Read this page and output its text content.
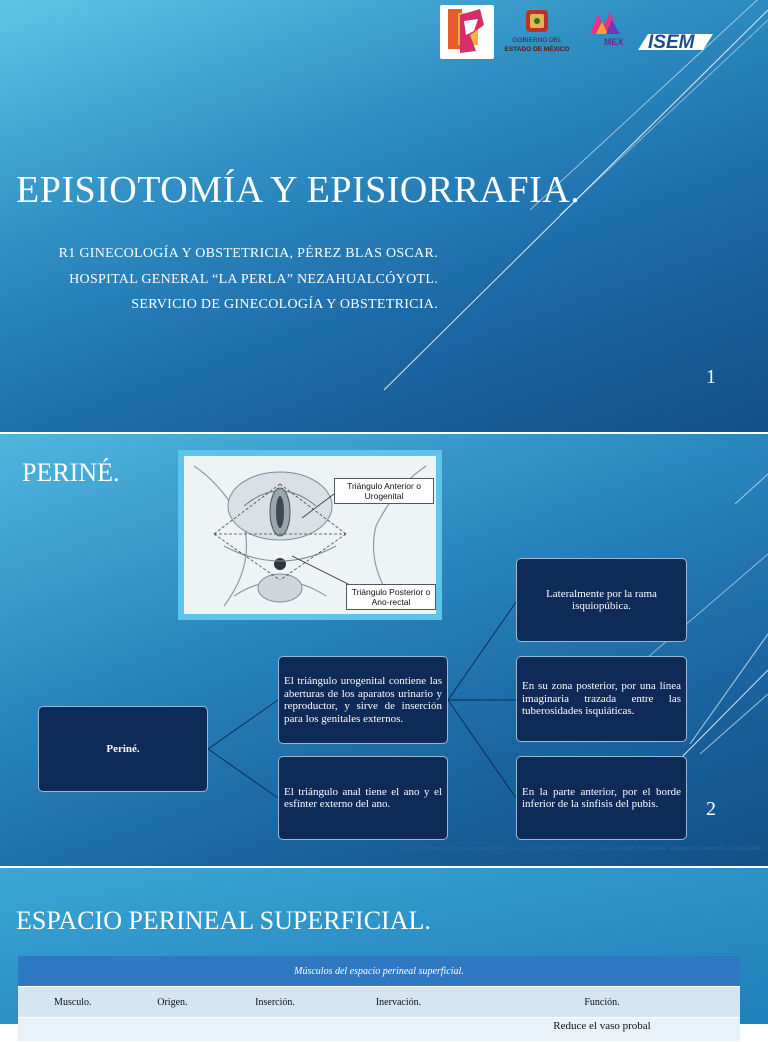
GOBIERNO DEL
ESTADO DE MÉXICO
MEX ISEM
EPISIOTOMÍA Y EPISIORRAFIA.
R1 GINECOLOGÍA Y OBSTETRICIA, PÉREZ BLAS OSCAR.
HOSPITAL GENERAL “LA PERLA” NEZAHUALCÓYOTL.
SERVICIO DE GINECOLOGÍA Y OBSTETRICIA.
1
PERINÉ.	Triángulo Anterior o Urogenital
Triángulo Posterior o Ano-rectal
Periné.
El triángulo urogenital contiene las aberturas de los aparatos urinario y reproductor, y sirve de inserción para los genitales externos.
El triángulo anal tiene el ano y el esfínter externo del ano.
Lateralmente por la rama isquiopúbica.
En su zona posterior, por una línea imaginaria trazada entre las tuberosidades isquiáticas.
En la parte anterior, por el borde inferior de la sínfisis del pubis.	2
Williams Obstetricia, 23ª ed. Gary Cunningham, F. Gary. 2011. ISBN 978607150727-2 - Texto Ginecología Y Obstetricia - Editorial: MC GRAW HILL CASTELLANO
ESPACIO PERINEAL SUPERFICIAL.
Músculos del espacio perineal superficial.				
Musculo.	Origen.	Inserción.	Inervación.	Función.
				Reduce el vaso probal
